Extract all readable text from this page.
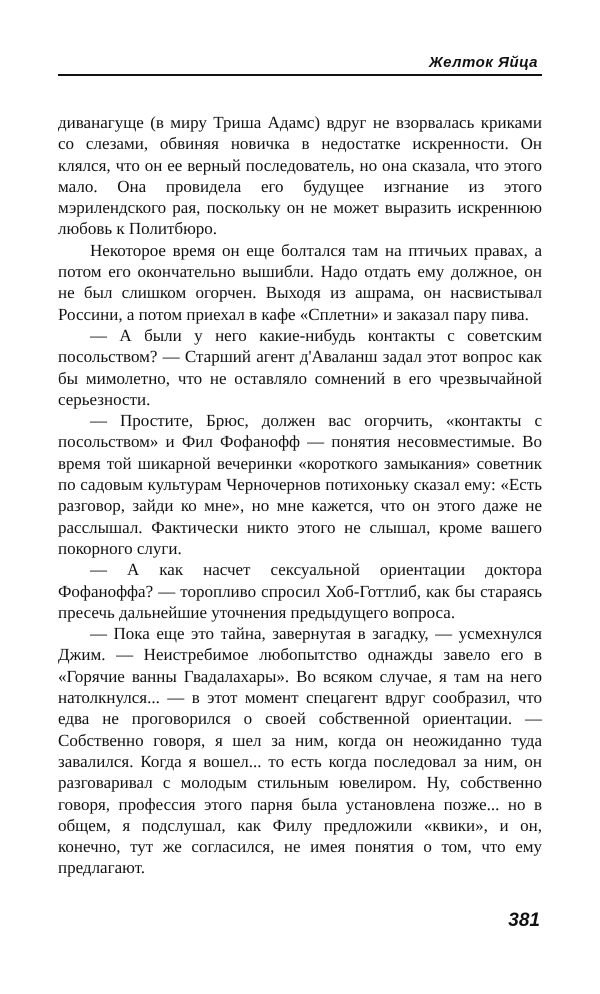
Желток Яйца

диванагуще (в миру Триша Адамс) вдруг не взорвалась криками со слезами, обвиняя новичка в недостатке искренности. Он клялся, что он ее верный последователь, но она сказала, что этого мало. Она провидела его будущее изгнание из этого мэрилендского рая, поскольку он не может выразить искреннюю любовь к Политбюро.

Некоторое время он еще болтался там на птичьих правах, а потом его окончательно вышибли. Надо отдать ему должное, он не был слишком огорчен. Выходя из ашрама, он насвистывал Россини, а потом приехал в кафе «Сплетни» и заказал пару пива.

— А были у него какие-нибудь контакты с советским посольством? — Старший агент д'Аваланш задал этот вопрос как бы мимолетно, что не оставляло сомнений в его чрезвычайной серьезности.

— Простите, Брюс, должен вас огорчить, «контакты с посольством» и Фил Фофанофф — понятия несовместимые. Во время той шикарной вечеринки «короткого замыкания» советник по садовым культурам Черночернов потихоньку сказал ему: «Есть разговор, зайди ко мне», но мне кажется, что он этого даже не расслышал. Фактически никто этого не слышал, кроме вашего покорного слуги.

— А как насчет сексуальной ориентации доктора Фофаноффа? — торопливо спросил Хоб-Готтлиб, как бы стараясь пресечь дальнейшие уточнения предыдущего вопроса.

— Пока еще это тайна, завернутая в загадку, — усмехнулся Джим. — Неистребимое любопытство однажды завело его в «Горячие ванны Гвадалахары». Во всяком случае, я там на него натолкнулся... — в этот момент спецагент вдруг сообразил, что едва не проговорился о своей собственной ориентации. — Собственно говоря, я шел за ним, когда он неожиданно туда завалился. Когда я вошел... то есть когда последовал за ним, он разговаривал с молодым стильным ювелиром. Ну, собственно говоря, профессия этого парня была установлена позже... но в общем, я подслушал, как Филу предложили «квики», и он, конечно, тут же согласился, не имея понятия о том, что ему предлагают.

381
